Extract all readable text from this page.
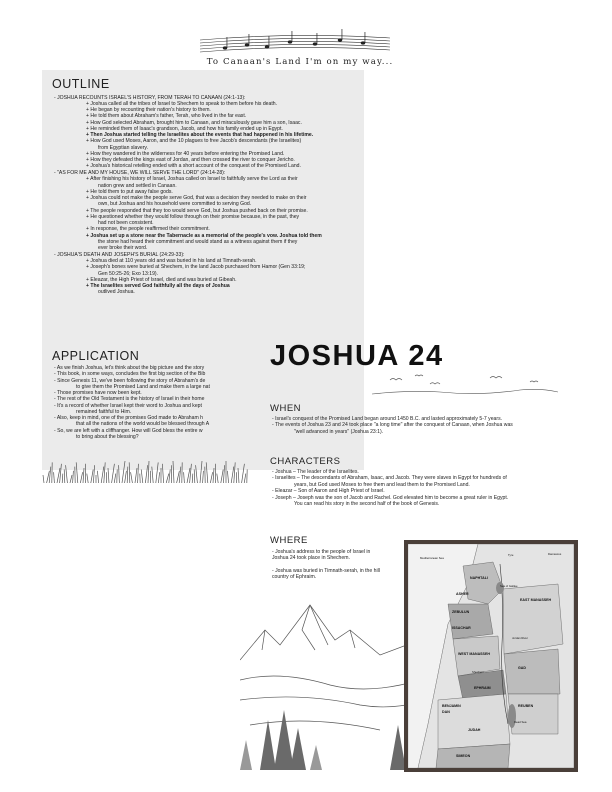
To Canaan's Land I'm on my way...
OUTLINE
- JOSHUA RECOUNTS ISRAEL'S HISTORY, FROM TERAH TO CANAAN (24:1-13):
+ Joshua called all the tribes of Israel to Shechem to speak to them before his death.
+ He began by recounting their nation's history to them.
+ He told them about Abraham's father, Terah, who lived in the far east.
+ How God selected Abraham, brought him to Canaan, and miraculously gave him a son, Isaac.
+ He reminded them of Isaac's grandson, Jacob, and how his family ended up in Egypt.
+ Then Joshua started telling the Israelites about the events that had happened in his lifetime.
+ How God used Moses, Aaron, and the 10 plagues to free Jacob's descendants (the Israelites)
from Egyptian slavery.
+ How they wandered in the wilderness for 40 years before entering the Promised Land.
+ How they defeated the kings east of Jordan, and then crossed the river to conquer Jericho.
+ Joshua's historical retelling ended with a short account of the conquest of the Promised Land.
- "AS FOR ME AND MY HOUSE, WE WILL SERVE THE LORD" (24:14-28):
+ After finishing his history of Israel, Joshua called on Israel to faithfully serve the Lord as their
nation grew and settled in Canaan.
+ He told them to put away false gods.
+ Joshua could not make the people serve God, that was a decision they needed to make on their
own, but Joshua and his household were committed to serving God.
+ The people responded that they too would serve God, but Joshua pushed back on their promise.
+ He questioned whether they would follow through on their promise because, in the past, they
had not been consistent.
+ In response, the people reaffirmed their commitment.
+ Joshua set up a stone near the Tabernacle as a memorial of the people's vow. Joshua told them
the stone had heard their commitment and would stand as a witness against them if they
ever broke their word.
- JOSHUA'S DEATH AND JOSEPH'S BURIAL (24:29-33):
+ Joshua died at 110 years old and was buried in his land at Timnath-serah.
+ Joseph's bones were buried at Shechem, in the land Jacob purchased from Hamor (Gen 33:19;
Gen 50:25-26; Exo 13:19).
+ Eleazar, the High Priest of Israel, died and was buried at Gibeah.
+ The Israelites served God faithfully all the days of Joshua
outlived Joshua.
APPLICATION
- As we finish Joshua, let's think about the big picture and the story
- This book, in some ways, concludes the first big section of the Bib
- Since Genesis 11, we've been following the story of Abraham's de
to give them the Promised Land and make them a large nat
- Those promises have now been kept.
- The rest of the Old Testament is the history of Israel in their home
- It's a record of whether Israel kept their word to Joshua and kept
remained faithful to Him.
- Also, keep in mind, one of the promises God made to Abraham h
that all the nations of the world would be blessed through A
- So, we are left with a cliffhanger. How will God bless the entire w
to bring about the blessing?
JOSHUA 24
WHEN
- Israel's conquest of the Promised Land began around 1450 B.C. and lasted approximately 5-7 years.
- The events of Joshua 23 and 24 took place "a long time" after the conquest of Canaan, when Joshua was
"well advanced in years" (Joshua 23:1).
CHARACTERS
- Joshua – The leader of the Israelites.
- Israelites – The descendants of Abraham, Isaac, and Jacob. They were slaves in Egypt for hundreds of
years, but God used Moses to free them and lead them to the Promised Land.
- Eleazar – Son of Aaron and High Priest of Israel.
- Joseph – Joseph was the son of Jacob and Rachel. God elevated him to become a great ruler in Egypt.
You can read his story in the second half of the book of Genesis.
WHERE
- Joshua's address to the people of Israel in
Joshua 24 took place in Shechem.
- Joshua was buried in Timnath-serah, in the hill
country of Ephraim.
Mediterranean Sea
Tyre	Damascus
NAPHTALI
Sea of Galilee
ASHER
EAST MANASSEH
ZEBULUN
ISSACHAR
Jordan River
WEST MANASSEH
Shechem
EPHRAIM
GAD
BENJAMIN
DAN
REUBEN
JUDAH
Dead Sea
SIMEON
